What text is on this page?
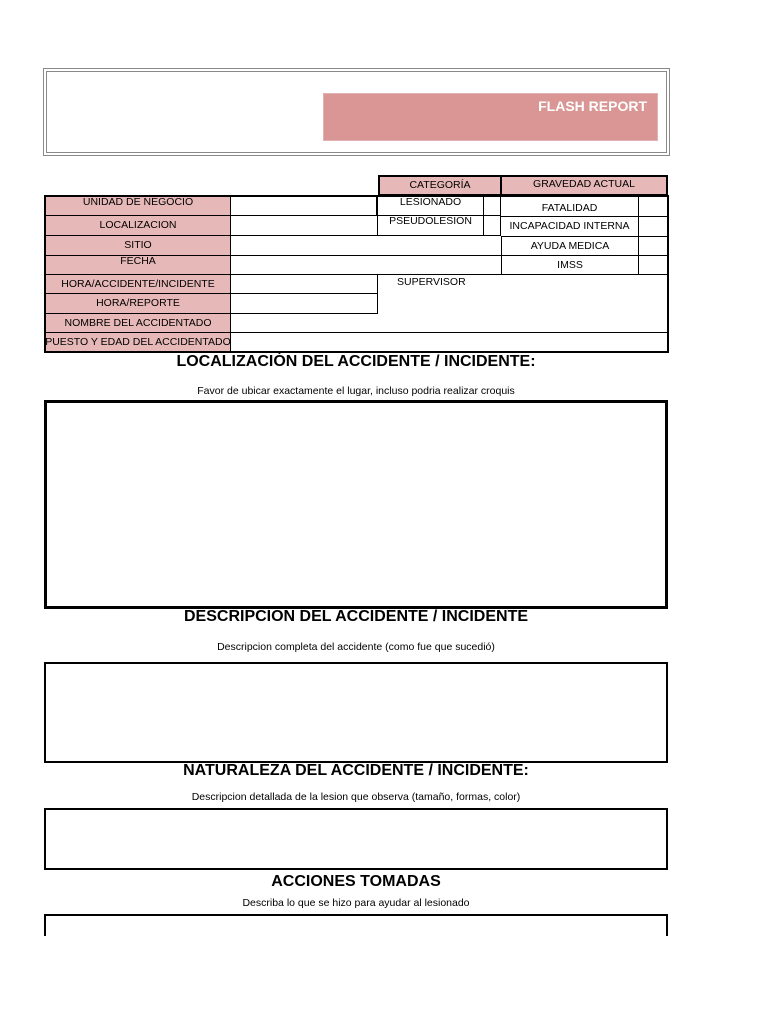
FLASH REPORT
CATEGORÍA	GRAVEDAD ACTUAL
UNIDAD DE NEGOCIO
LOCALIZACION
SITIO
FECHA
HORA/ACCIDENTE/INCIDENTE
HORA/REPORTE
NOMBRE DEL ACCIDENTADO
PUESTO Y EDAD DEL ACCIDENTADO
LESIONADO
PSEUDOLESION
FATALIDAD
INCAPACIDAD INTERNA
AYUDA MEDICA
IMSS
SUPERVISOR
LOCALIZACIÓN DEL ACCIDENTE / INCIDENTE:
Favor de ubicar exactamente el lugar, incluso podria realizar croquis
DESCRIPCION DEL ACCIDENTE / INCIDENTE
Descripcion completa del accidente (como fue que sucedió)
NATURALEZA DEL ACCIDENTE / INCIDENTE:
Descripcion detallada de la lesion que observa (tamaño, formas, color)
ACCIONES TOMADAS
Describa lo que se hizo para ayudar al lesionado
